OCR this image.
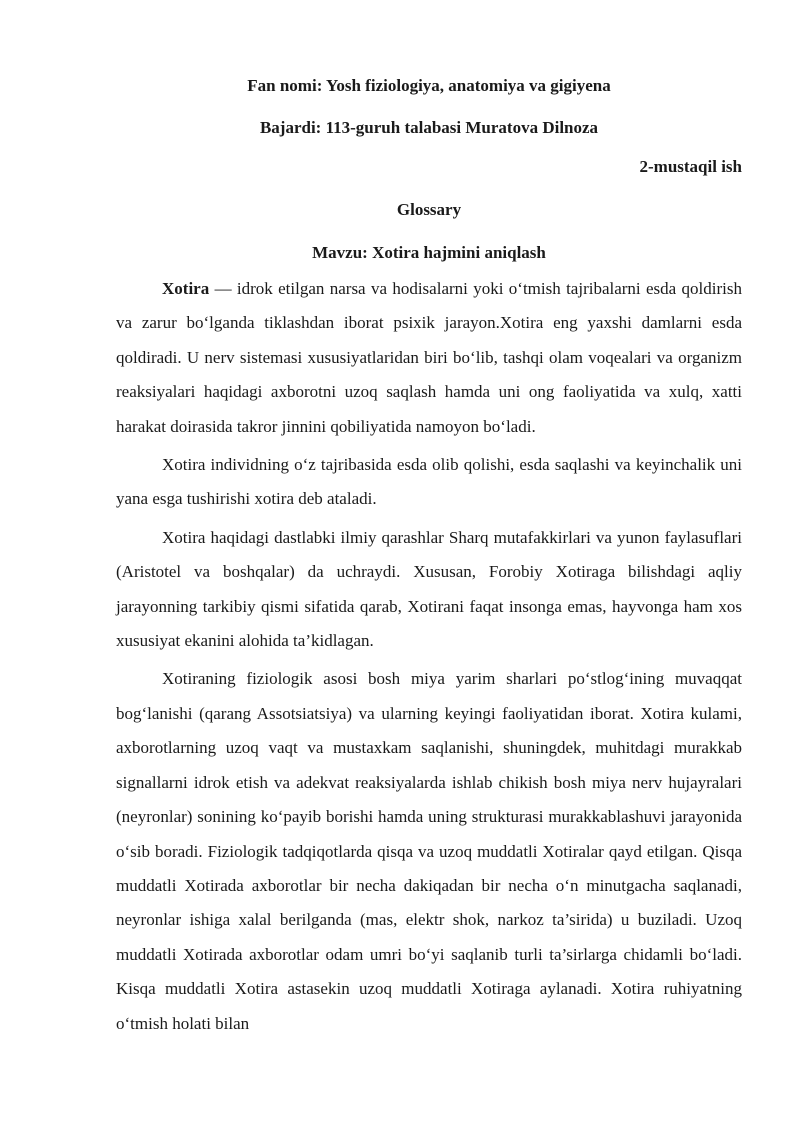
Fan nomi: Yosh fiziologiya, anatomiya va gigiyena

Bajardi: 113-guruh talabasi Muratova Dilnoza

2-mustaqil ish

Glossary

Mavzu: Xotira hajmini aniqlash

Xotira — idrok etilgan narsa va hodisalarni yoki o‘tmish tajribalarni esda qoldirish va zarur bo‘lganda tiklashdan iborat psixik jarayon.Xotira eng yaxshi damlarni esda qoldiradi. U nerv sistemasi xususiyatlaridan biri bo‘lib, tashqi olam voqealari va organizm reaksiyalari haqidagi axborotni uzoq saqlash hamda uni ong faoliyatida va xulq, xatti harakat doirasida takror jinnini qobiliyatida namoyon bo‘ladi.

Xotira individning o‘z tajribasida esda olib qolishi, esda saqlashi va keyinchalik uni yana esga tushirishi xotira deb ataladi.

Xotira haqidagi dastlabki ilmiy qarashlar Sharq mutafakkirlari va yunon faylasuflari (Aristotel va boshqalar) da uchraydi. Xususan, Forobiy Xotiraga bilishdagi aqliy jarayonning tarkibiy qismi sifatida qarab, Xotirani faqat insonga emas, hayvonga ham xos xususiyat ekanini alohida ta’kidlagan.

Xotiraning fiziologik asosi bosh miya yarim sharlari po‘stlog‘ining muvaqqat bog‘lanishi (qarang Assotsiatsiya) va ularning keyingi faoliyatidan iborat. Xotira kulami, axborotlarning uzoq vaqt va mustaxkam saqlanishi, shuningdek, muhitdagi murakkab signallarni idrok etish va adekvat reaksiyalarda ishlab chikish bosh miya nerv hujayralari (neyronlar) sonining ko‘payib borishi hamda uning strukturasi murakkablashuvi jarayonida o‘sib boradi. Fiziologik tadqiqotlarda qisqa va uzoq muddatli Xotiralar qayd etilgan. Qisqa muddatli Xotirada axborotlar bir necha dakiqadan bir necha o‘n minutgacha saqlanadi, neyronlar ishiga xalal berilganda (mas, elektr shok, narkoz ta’sirida) u buziladi. Uzoq muddatli Xotirada axborotlar odam umri bo‘yi saqlanib turli ta’sirlarga chidamli bo‘ladi. Kisqa muddatli Xotira astasekin uzoq muddatli Xotiraga aylanadi. Xotira ruhiyatning o‘tmish holati bilan
